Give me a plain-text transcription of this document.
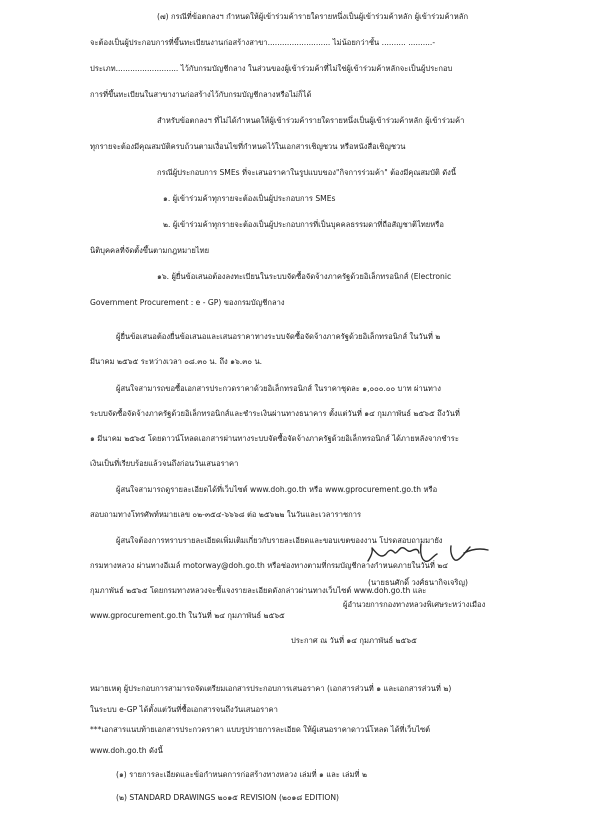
(๗) กรณีที่ข้อตกลงฯ กำหนดให้ผู้เข้าร่วมค้ารายใดรายหนึ่งเป็นผู้เข้าร่วมค้าหลัก ผู้เข้าร่วมค้าหลัก
จะต้องเป็นผู้ประกอบการที่ขึ้นทะเบียนงานก่อสร้างสาขา.......................... ไม่น้อยกว่าชั้น .......... ..........-
ประเภท.......................... ไว้กับกรมบัญชีกลาง ในส่วนของผู้เข้าร่วมค้าที่ไม่ใช่ผู้เข้าร่วมค้าหลักจะเป็นผู้ประกอบ
การที่ขึ้นทะเบียนในสาขางานก่อสร้างไว้กับกรมบัญชีกลางหรือไม่ก็ได้
สำหรับข้อตกลงฯ ที่ไม่ได้กำหนดให้ผู้เข้าร่วมค้ารายใดรายหนึ่งเป็นผู้เข้าร่วมค้าหลัก ผู้เข้าร่วมค้า
ทุกรายจะต้องมีคุณสมบัติครบถ้วนตามเงื่อนไขที่กำหนดไว้ในเอกสารเชิญชวน หรือหนังสือเชิญชวน
กรณีผู้ประกอบการ SMEs ที่จะเสนอราคาในรูปแบบของ"กิจการร่วมค้า" ต้องมีคุณสมบัติ ดังนี้
๑. ผู้เข้าร่วมค้าทุกรายจะต้องเป็นผู้ประกอบการ SMEs
๒. ผู้เข้าร่วมค้าทุกรายจะต้องเป็นผู้ประกอบการที่เป็นบุคคลธรรมดาที่ถือสัญชาติไทยหรือ
นิติบุคคลที่จัดตั้งขึ้นตามกฎหมายไทย
๑๖. ผู้ยื่นข้อเสนอต้องลงทะเบียนในระบบจัดซื้อจัดจ้างภาครัฐด้วยอิเล็กทรอนิกส์ (Electronic
Government Procurement : e - GP) ของกรมบัญชีกลาง
ผู้ยื่นข้อเสนอต้องยื่นข้อเสนอและเสนอราคาทางระบบจัดซื้อจัดจ้างภาครัฐด้วยอิเล็กทรอนิกส์ ในวันที่ ๒
มีนาคม ๒๕๖๕ ระหว่างเวลา ๐๘.๓๐ น. ถึง ๑๖.๓๐ น.
ผู้สนใจสามารถขอซื้อเอกสารประกวดราคาด้วยอิเล็กทรอนิกส์ ในราคาชุดละ ๑,๐๐๐.๐๐ บาท ผ่านทาง
ระบบจัดซื้อจัดจ้างภาครัฐด้วยอิเล็กทรอนิกส์และชำระเงินผ่านทางธนาคาร ตั้งแต่วันที่ ๑๔ กุมภาพันธ์ ๒๕๖๕ ถึงวันที่
๑ มีนาคม ๒๕๖๕ โดยดาวน์โหลดเอกสารผ่านทางระบบจัดซื้อจัดจ้างภาครัฐด้วยอิเล็กทรอนิกส์ ได้ภายหลังจากชำระ
เงินเป็นที่เรียบร้อยแล้วจนถึงก่อนวันเสนอราคา
ผู้สนใจสามารถดูรายละเอียดได้ที่เว็บไซต์ www.doh.go.th หรือ www.gprocurement.go.th หรือ
สอบถามทางโทรศัพท์หมายเลข ๐๒-๓๕๔-๖๖๖๘ ต่อ ๒๕๖๒๒ ในวันและเวลาราชการ
ผู้สนใจต้องการทราบรายละเอียดเพิ่มเติมเกี่ยวกับรายละเอียดและขอบเขตของงาน โปรดสอบถามมายัง
กรมทางหลวง ผ่านทางอีเมล์ motorway@doh.go.th หรือช่องทางตามที่กรมบัญชีกลางกำหนดภายในวันที่ ๒๔
กุมภาพันธ์ ๒๕๖๕ โดยกรมทางหลวงจะชี้แจงรายละเอียดดังกล่าวผ่านทางเว็บไซต์ www.doh.go.th และ
www.gprocurement.go.th ในวันที่ ๒๔ กุมภาพันธ์ ๒๕๖๕
ประกาศ ณ วันที่ ๑๔ กุมภาพันธ์ ๒๕๖๕
(นายธนศักดิ์ วงศ์ธนากิจเจริญ)
ผู้อำนวยการกองทางหลวงพิเศษระหว่างเมือง
หมายเหตุ ผู้ประกอบการสามารถจัดเตรียมเอกสารประกอบการเสนอราคา (เอกสารส่วนที่ ๑ และเอกสารส่วนที่ ๒)
ในระบบ e-GP ได้ตั้งแต่วันที่ซื้อเอกสารจนถึงวันเสนอราคา
***เอกสารแนบท้ายเอกสารประกวดราคา แบบรูปรายการละเอียด ให้ผู้เสนอราคาดาวน์โหลด ได้ที่เว็บไซต์
www.doh.go.th ดังนี้
(๑) รายการละเอียดและข้อกำหนดการก่อสร้างทางหลวง เล่มที่ ๑ และ เล่มที่ ๒
(๒) STANDARD DRAWINGS ๒๐๑๕ REVISION (๒๐๑๘ EDITION)
